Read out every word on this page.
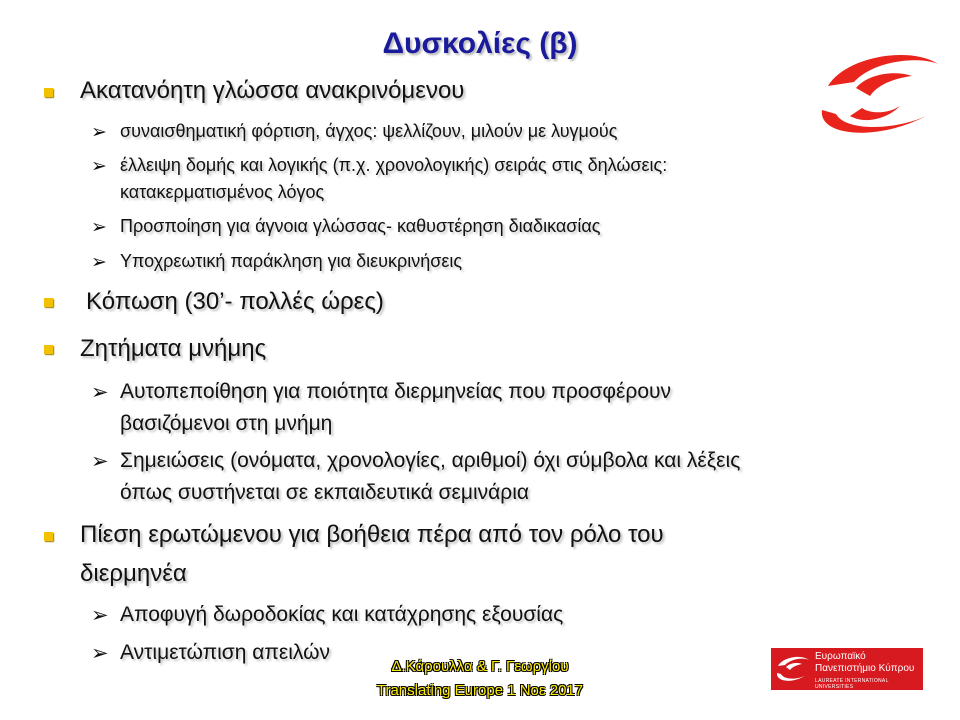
Δυσκολίες (β)
Ακατανόητη γλώσσα ανακρινόμενου
➢ συναισθηματική φόρτιση, άγχος: ψελλίζουν, μιλούν με λυγμούς
➢ έλλειψη δομής και λογικής (π.χ. χρονολογικής) σειράς στις δηλώσεις:
κατακερματισμένος λόγος
➢ Προσποίηση για άγνοια γλώσσας- καθυστέρηση διαδικασίας
➢ Υποχρεωτική παράκληση για διευκρινήσεις
Κόπωση (30’- πολλές ώρες)
Ζητήματα μνήμης
➢ Αυτοπεποίθηση για ποιότητα διερμηνείας που προσφέρουν
βασιζόμενοι στη μνήμη
➢ Σημειώσεις (ονόματα, χρονολογίες, αριθμοί) όχι σύμβολα και λέξεις
όπως συστήνεται σε εκπαιδευτικά σεμινάρια
Πίεση ερωτώμενου για βοήθεια πέρα από τον ρόλο του
διερμηνέα
➢ Αποφυγή δωροδοκίας και κατάχρησης εξουσίας
➢ Αντιμετώπιση απειλών	Ευρωπαϊκό
Πανεπιστήμιο Κύπρου
LAUREATE INTERNATIONAL UNIVERSITIES
Δ.Κάρουλλα & Γ. Γεωργίου
Translating Europe 1 Νοε 2017
